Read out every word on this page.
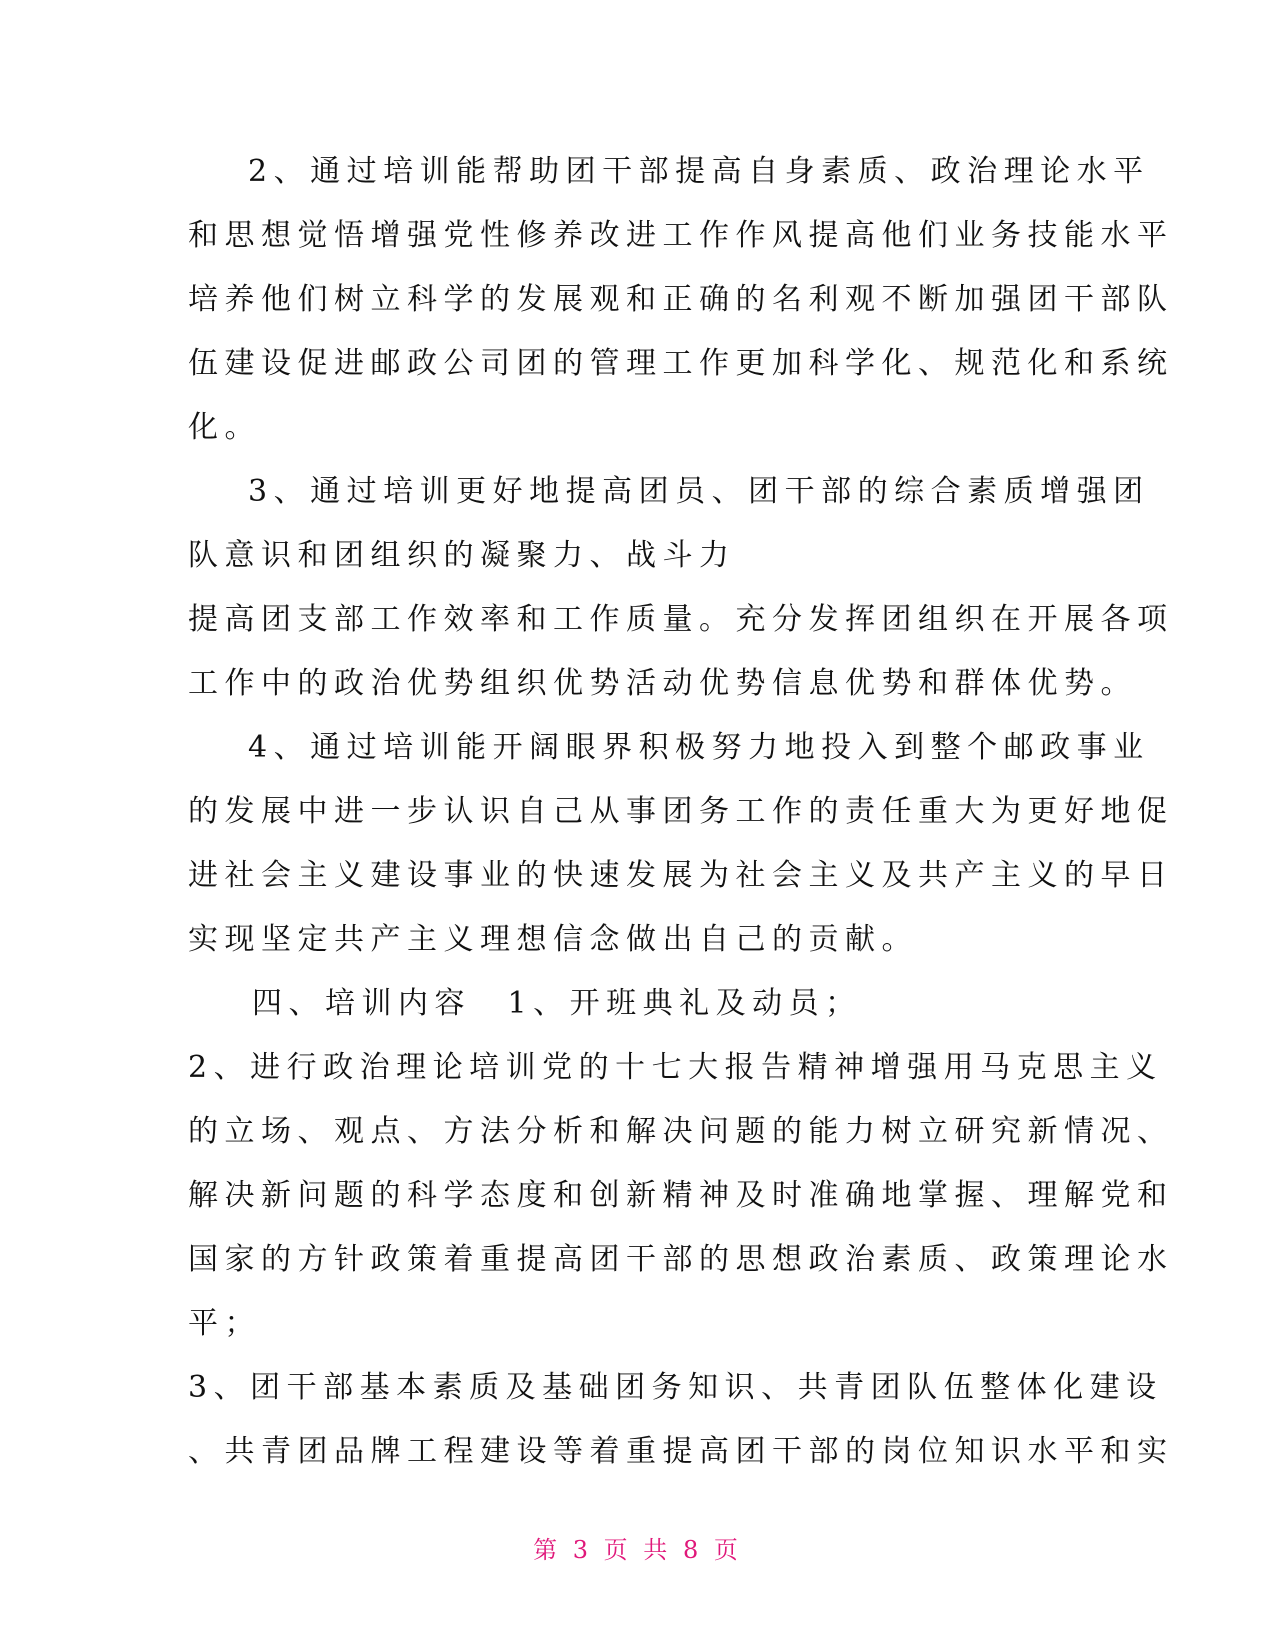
2、通过培训能帮助团干部提高自身素质、政治理论水平
和思想觉悟增强党性修养改进工作作风提高他们业务技能水平
培养他们树立科学的发展观和正确的名利观不断加强团干部队
伍建设促进邮政公司团的管理工作更加科学化、规范化和系统
化。
3、通过培训更好地提高团员、团干部的综合素质增强团
队意识和团组织的凝聚力、战斗力
提高团支部工作效率和工作质量。充分发挥团组织在开展各项
工作中的政治优势组织优势活动优势信息优势和群体优势。
4、通过培训能开阔眼界积极努力地投入到整个邮政事业
的发展中进一步认识自己从事团务工作的责任重大为更好地促
进社会主义建设事业的快速发展为社会主义及共产主义的早日
实现坚定共产主义理想信念做出自己的贡献。
四、培训内容　1、开班典礼及动员；
2、进行政治理论培训党的十七大报告精神增强用马克思主义
的立场、观点、方法分析和解决问题的能力树立研究新情况、
解决新问题的科学态度和创新精神及时准确地掌握、理解党和
国家的方针政策着重提高团干部的思想政治素质、政策理论水
平；
3、团干部基本素质及基础团务知识、共青团队伍整体化建设
、共青团品牌工程建设等着重提高团干部的岗位知识水平和实
第 3 页 共 8 页
